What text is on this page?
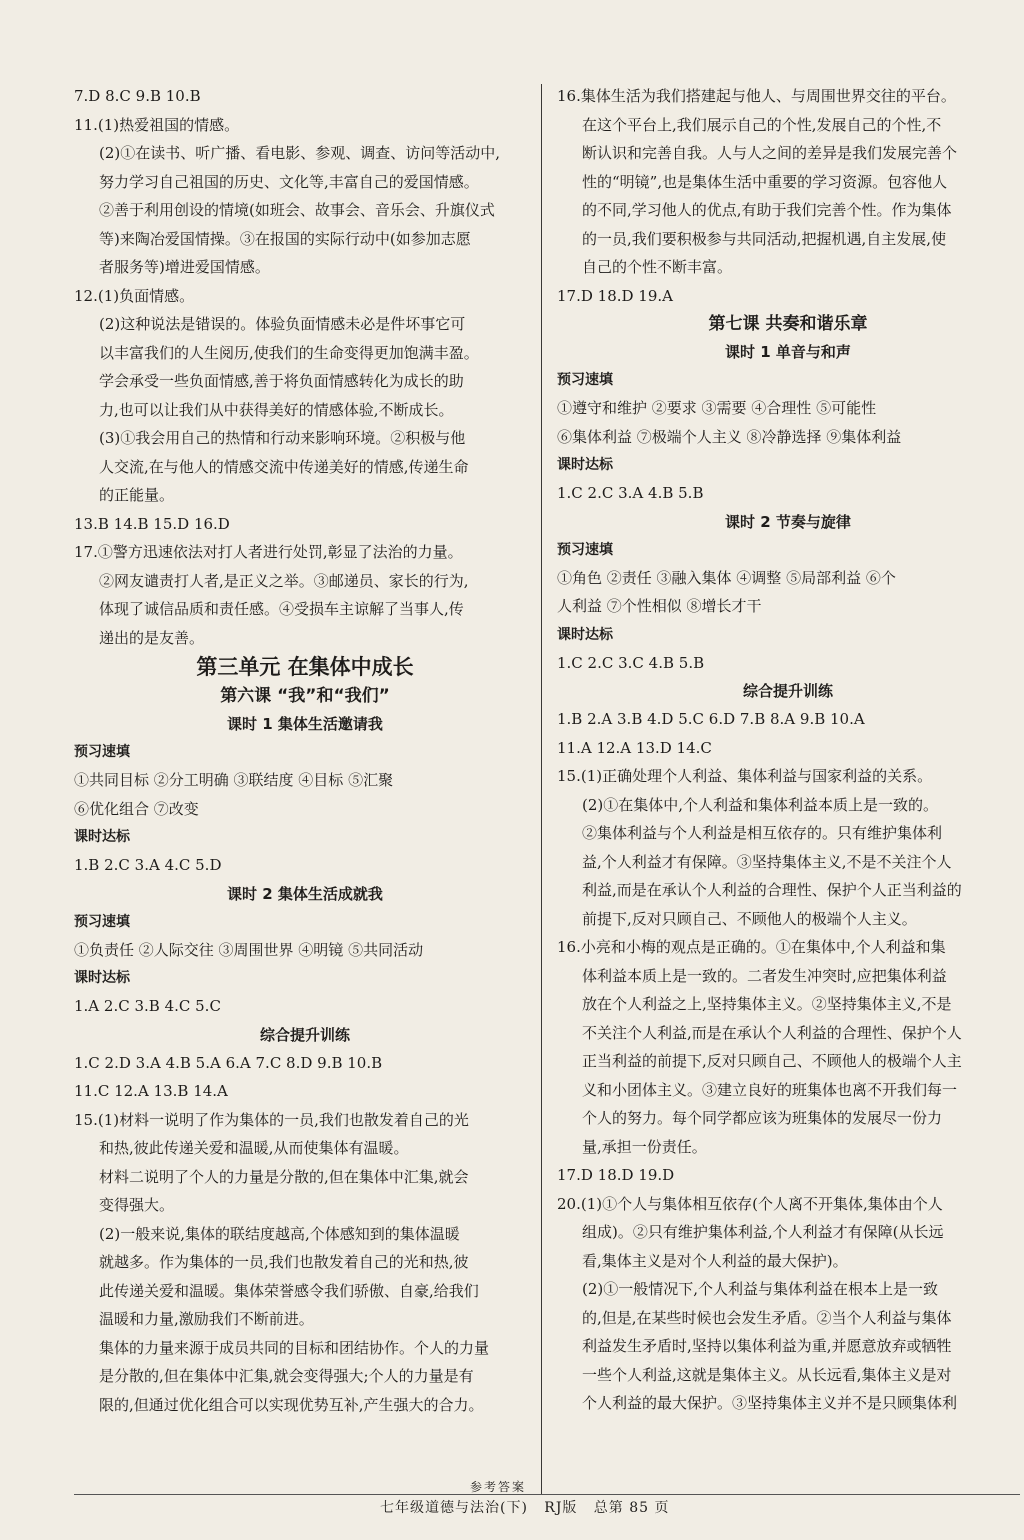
7.D 8.C 9.B 10.B
11.(1)热爱祖国的情感。
(2)①在读书、听广播、看电影、参观、调查、访问等活动中,
努力学习自己祖国的历史、文化等,丰富自己的爱国情感。
②善于利用创设的情境(如班会、故事会、音乐会、升旗仪式
等)来陶冶爱国情操。③在报国的实际行动中(如参加志愿
者服务等)增进爱国情感。
12.(1)负面情感。
(2)这种说法是错误的。体验负面情感未必是件坏事它可
以丰富我们的人生阅历,使我们的生命变得更加饱满丰盈。
学会承受一些负面情感,善于将负面情感转化为成长的助
力,也可以让我们从中获得美好的情感体验,不断成长。
(3)①我会用自己的热情和行动来影响环境。②积极与他
人交流,在与他人的情感交流中传递美好的情感,传递生命
的正能量。
13.B 14.B 15.D 16.D
17.①警方迅速依法对打人者进行处罚,彰显了法治的力量。
②网友谴责打人者,是正义之举。③邮递员、家长的行为,
体现了诚信品质和责任感。④受损车主谅解了当事人,传
递出的是友善。
第三单元 在集体中成长
第六课 “我”和“我们”
课时 1 集体生活邀请我
预习速填
①共同目标 ②分工明确 ③联结度 ④目标 ⑤汇聚
⑥优化组合 ⑦改变
课时达标
1.B 2.C 3.A 4.C 5.D
课时 2 集体生活成就我
预习速填
①负责任 ②人际交往 ③周围世界 ④明镜 ⑤共同活动
课时达标
1.A 2.C 3.B 4.C 5.C
综合提升训练
1.C 2.D 3.A 4.B 5.A 6.A 7.C 8.D 9.B 10.B
11.C 12.A 13.B 14.A
15.(1)材料一说明了作为集体的一员,我们也散发着自己的光
和热,彼此传递关爱和温暖,从而使集体有温暖。
材料二说明了个人的力量是分散的,但在集体中汇集,就会
变得强大。
(2)一般来说,集体的联结度越高,个体感知到的集体温暖
就越多。作为集体的一员,我们也散发着自己的光和热,彼
此传递关爱和温暖。集体荣誉感令我们骄傲、自豪,给我们
温暖和力量,激励我们不断前进。
集体的力量来源于成员共同的目标和团结协作。个人的力量
是分散的,但在集体中汇集,就会变得强大;个人的力量是有
限的,但通过优化组合可以实现优势互补,产生强大的合力。
16.集体生活为我们搭建起与他人、与周围世界交往的平台。
在这个平台上,我们展示自己的个性,发展自己的个性,不
断认识和完善自我。人与人之间的差异是我们发展完善个
性的“明镜”,也是集体生活中重要的学习资源。包容他人
的不同,学习他人的优点,有助于我们完善个性。作为集体
的一员,我们要积极参与共同活动,把握机遇,自主发展,使
自己的个性不断丰富。
17.D 18.D 19.A
第七课 共奏和谐乐章
课时 1 单音与和声
预习速填
①遵守和维护 ②要求 ③需要 ④合理性 ⑤可能性
⑥集体利益 ⑦极端个人主义 ⑧冷静选择 ⑨集体利益
课时达标
1.C 2.C 3.A 4.B 5.B
课时 2 节奏与旋律
预习速填
①角色 ②责任 ③融入集体 ④调整 ⑤局部利益 ⑥个
人利益 ⑦个性相似 ⑧增长才干
课时达标
1.C 2.C 3.C 4.B 5.B
综合提升训练
1.B 2.A 3.B 4.D 5.C 6.D 7.B 8.A 9.B 10.A
11.A 12.A 13.D 14.C
15.(1)正确处理个人利益、集体利益与国家利益的关系。
(2)①在集体中,个人利益和集体利益本质上是一致的。
②集体利益与个人利益是相互依存的。只有维护集体利
益,个人利益才有保障。③坚持集体主义,不是不关注个人
利益,而是在承认个人利益的合理性、保护个人正当利益的
前提下,反对只顾自己、不顾他人的极端个人主义。
16.小亮和小梅的观点是正确的。①在集体中,个人利益和集
体利益本质上是一致的。二者发生冲突时,应把集体利益
放在个人利益之上,坚持集体主义。②坚持集体主义,不是
不关注个人利益,而是在承认个人利益的合理性、保护个人
正当利益的前提下,反对只顾自己、不顾他人的极端个人主
义和小团体主义。③建立良好的班集体也离不开我们每一
个人的努力。每个同学都应该为班集体的发展尽一份力
量,承担一份责任。
17.D 18.D 19.D
20.(1)①个人与集体相互依存(个人离不开集体,集体由个人
组成)。②只有维护集体利益,个人利益才有保障(从长远
看,集体主义是对个人利益的最大保护)。
(2)①一般情况下,个人利益与集体利益在根本上是一致
的,但是,在某些时候也会发生矛盾。②当个人利益与集体
利益发生矛盾时,坚持以集体利益为重,并愿意放弃或牺牲
一些个人利益,这就是集体主义。从长远看,集体主义是对
个人利益的最大保护。③坚持集体主义并不是只顾集体利
参考答案
七年级道德与法治(下)   RJ版   总第 85 页
